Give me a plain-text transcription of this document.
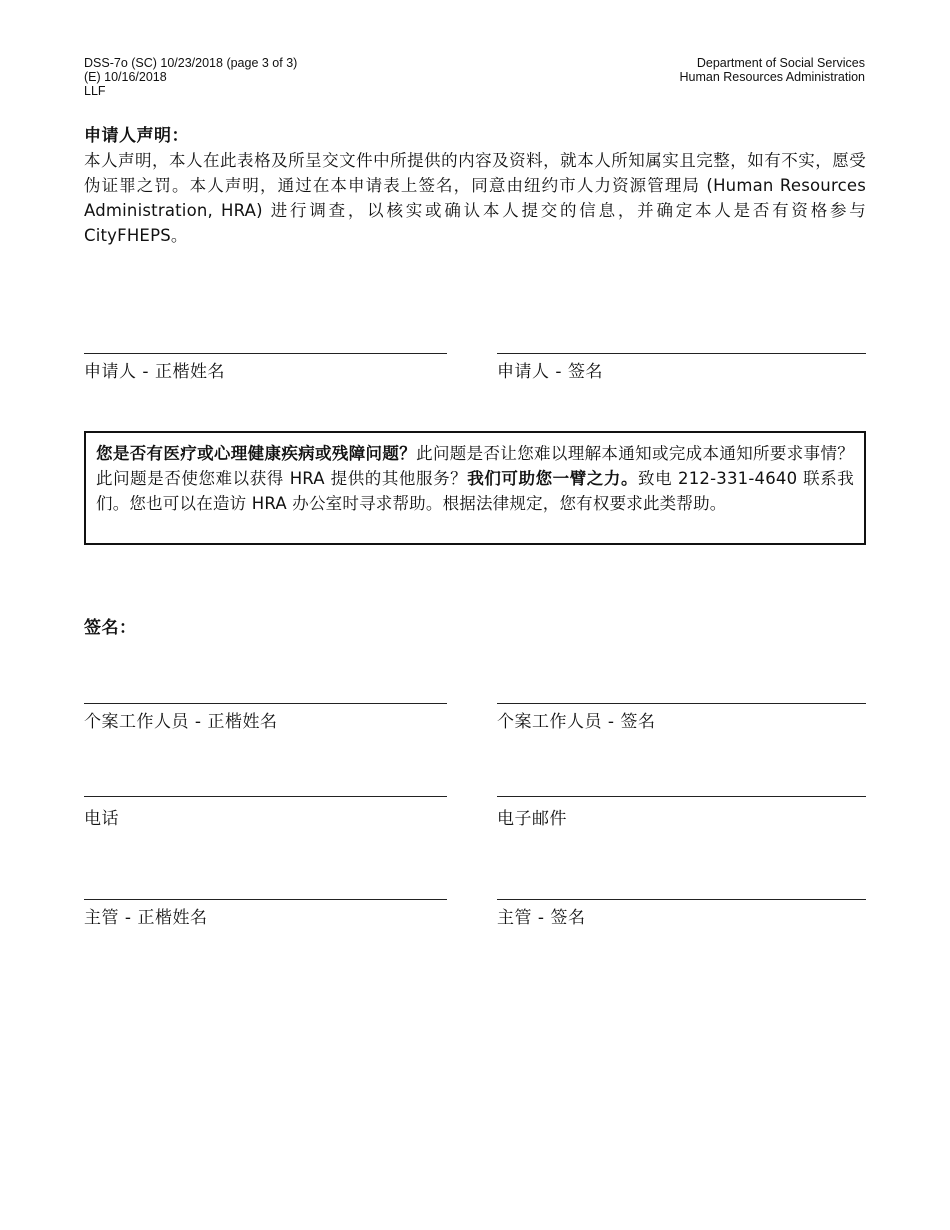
DSS-7o (SC) 10/23/2018 (page 3 of 3)
(E) 10/16/2018
LLF
Department of Social Services
Human Resources Administration
申请人声明：
本人声明，本人在此表格及所呈交文件中所提供的内容及资料，就本人所知属实且完整，如有不实，愿受伪证罪之罚。本人声明，通过在本申请表上签名，同意由纽约市人力资源管理局 (Human Resources Administration, HRA) 进行调查，以核实或确认本人提交的信息，并确定本人是否有资格参与 CityFHEPS。
申请人 - 正楷姓名	申请人 - 签名
您是否有医疗或心理健康疾病或残障问题？此问题是否让您难以理解本通知或完成本通知所要求事情？此问题是否使您难以获得 HRA 提供的其他服务？我们可助您一臂之力。致电 212-331-4640 联系我们。您也可以在造访 HRA 办公室时寻求帮助。根据法律规定，您有权要求此类帮助。
签名：
个案工作人员 - 正楷姓名	个案工作人员 - 签名
电话	电子邮件
主管 - 正楷姓名	主管 - 签名
